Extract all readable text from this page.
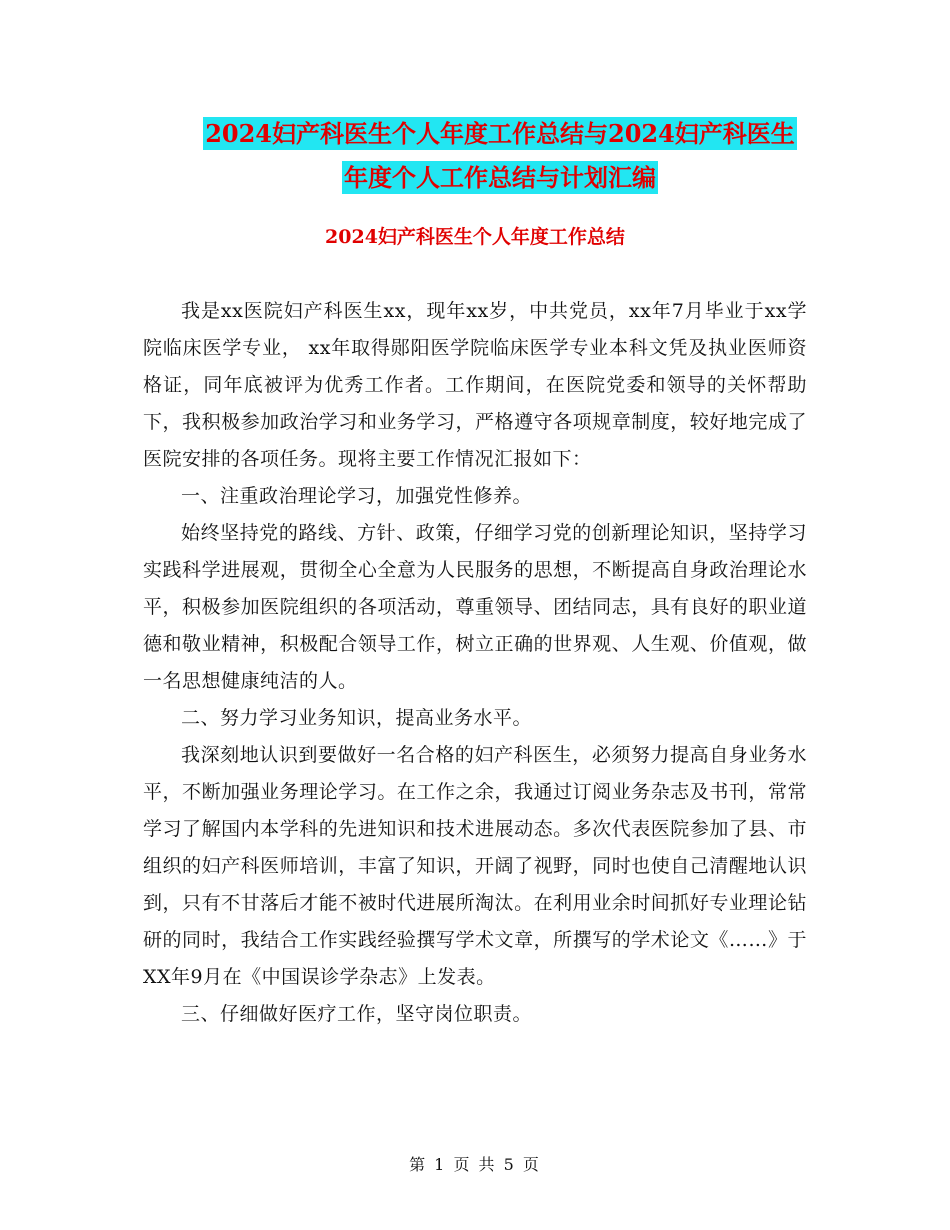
2024妇产科医生个人年度工作总结与2024妇产科医生
年度个人工作总结与计划汇编
2024妇产科医生个人年度工作总结

我是xx医院妇产科医生xx，现年xx岁，中共党员，xx年7月毕业于xx学院临床医学专业， xx年取得郧阳医学院临床医学专业本科文凭及执业医师资格证，同年底被评为优秀工作者。工作期间，在医院党委和领导的关怀帮助下，我积极参加政治学习和业务学习，严格遵守各项规章制度，较好地完成了医院安排的各项任务。现将主要工作情况汇报如下：

一、注重政治理论学习，加强党性修养。

始终坚持党的路线、方针、政策，仔细学习党的创新理论知识，坚持学习实践科学进展观，贯彻全心全意为人民服务的思想，不断提高自身政治理论水平，积极参加医院组织的各项活动，尊重领导、团结同志，具有良好的职业道德和敬业精神，积极配合领导工作，树立正确的世界观、人生观、价值观，做一名思想健康纯洁的人。

二、努力学习业务知识，提高业务水平。

我深刻地认识到要做好一名合格的妇产科医生，必须努力提高自身业务水平，不断加强业务理论学习。在工作之余，我通过订阅业务杂志及书刊，常常学习了解国内本学科的先进知识和技术进展动态。多次代表医院参加了县、市组织的妇产科医师培训，丰富了知识，开阔了视野，同时也使自己清醒地认识到，只有不甘落后才能不被时代进展所淘汰。在利用业余时间抓好专业理论钻研的同时，我结合工作实践经验撰写学术文章，所撰写的学术论文《……》于XX年9月在《中国误诊学杂志》上发表。

三、仔细做好医疗工作，坚守岗位职责。

第 1 页 共 5 页
